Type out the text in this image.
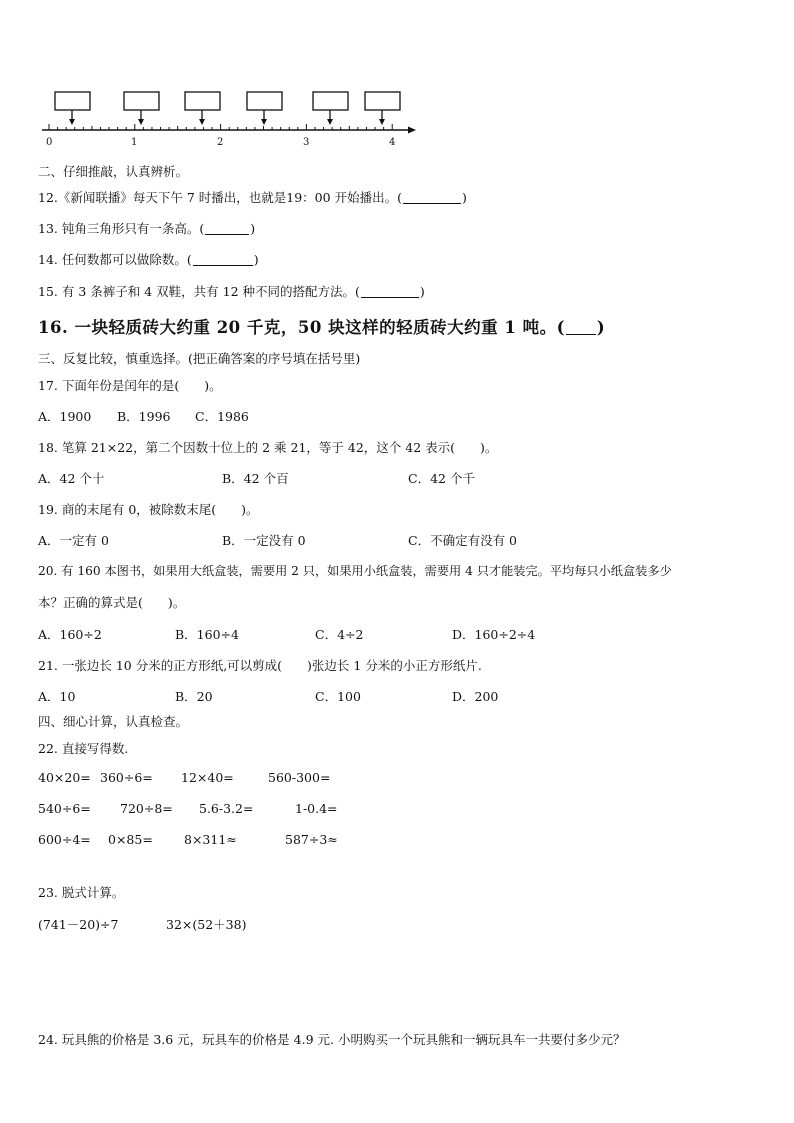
0	1	2	3	4
二、仔细推敲，认真辨析。
12.《新闻联播》每天下午 7 时播出，也就是19：00 开始播出。(	)
13. 钝角三角形只有一条高。(	)
14. 任何数都可以做除数。(	)
15. 有 3 条裤子和 4 双鞋，共有 12 种不同的搭配方法。(	)
16. 一块轻质砖大约重 20 千克，50 块这样的轻质砖大约重 1 吨。( )
三、反复比较，慎重选择。(把正确答案的序号填在括号里)
17. 下面年份是闰年的是(　　)。
A．1900 B．1996 C．1986
18. 笔算 21×22，第二个因数十位上的 2 乘 21，等于 42，这个 42 表示(　　)。
A．42 个十	B．42 个百	C．42 个千
19. 商的末尾有 0，被除数末尾(　　)。
A．一定有 0	B．一定没有 0	C．不确定有没有 0
20. 有 160 本图书，如果用大纸盒装，需要用 2 只，如果用小纸盒装，需要用 4 只才能装完。平均每只小纸盒装多少
本？正确的算式是(　　)。
A．160÷2	B．160÷4	C．4÷2	D．160÷2÷4
21. 一张边长 10 分米的正方形纸,可以剪成(　　)张边长 1 分米的小正方形纸片.
A．10	B．20	C．100	D．200
四、细心计算，认真检查。
22. 直接写得数.
40×20= 360÷6= 12×40=	560-300=
540÷6= 720÷8= 5.6-3.2=	1-0.4=
600÷4= 0×85= 8×311≈	587÷3≈
23. 脱式计算。
(741－20)÷7	32×(52＋38)
24. 玩具熊的价格是 3.6 元，玩具车的价格是 4.9 元. 小明购买一个玩具熊和一辆玩具车一共要付多少元？
